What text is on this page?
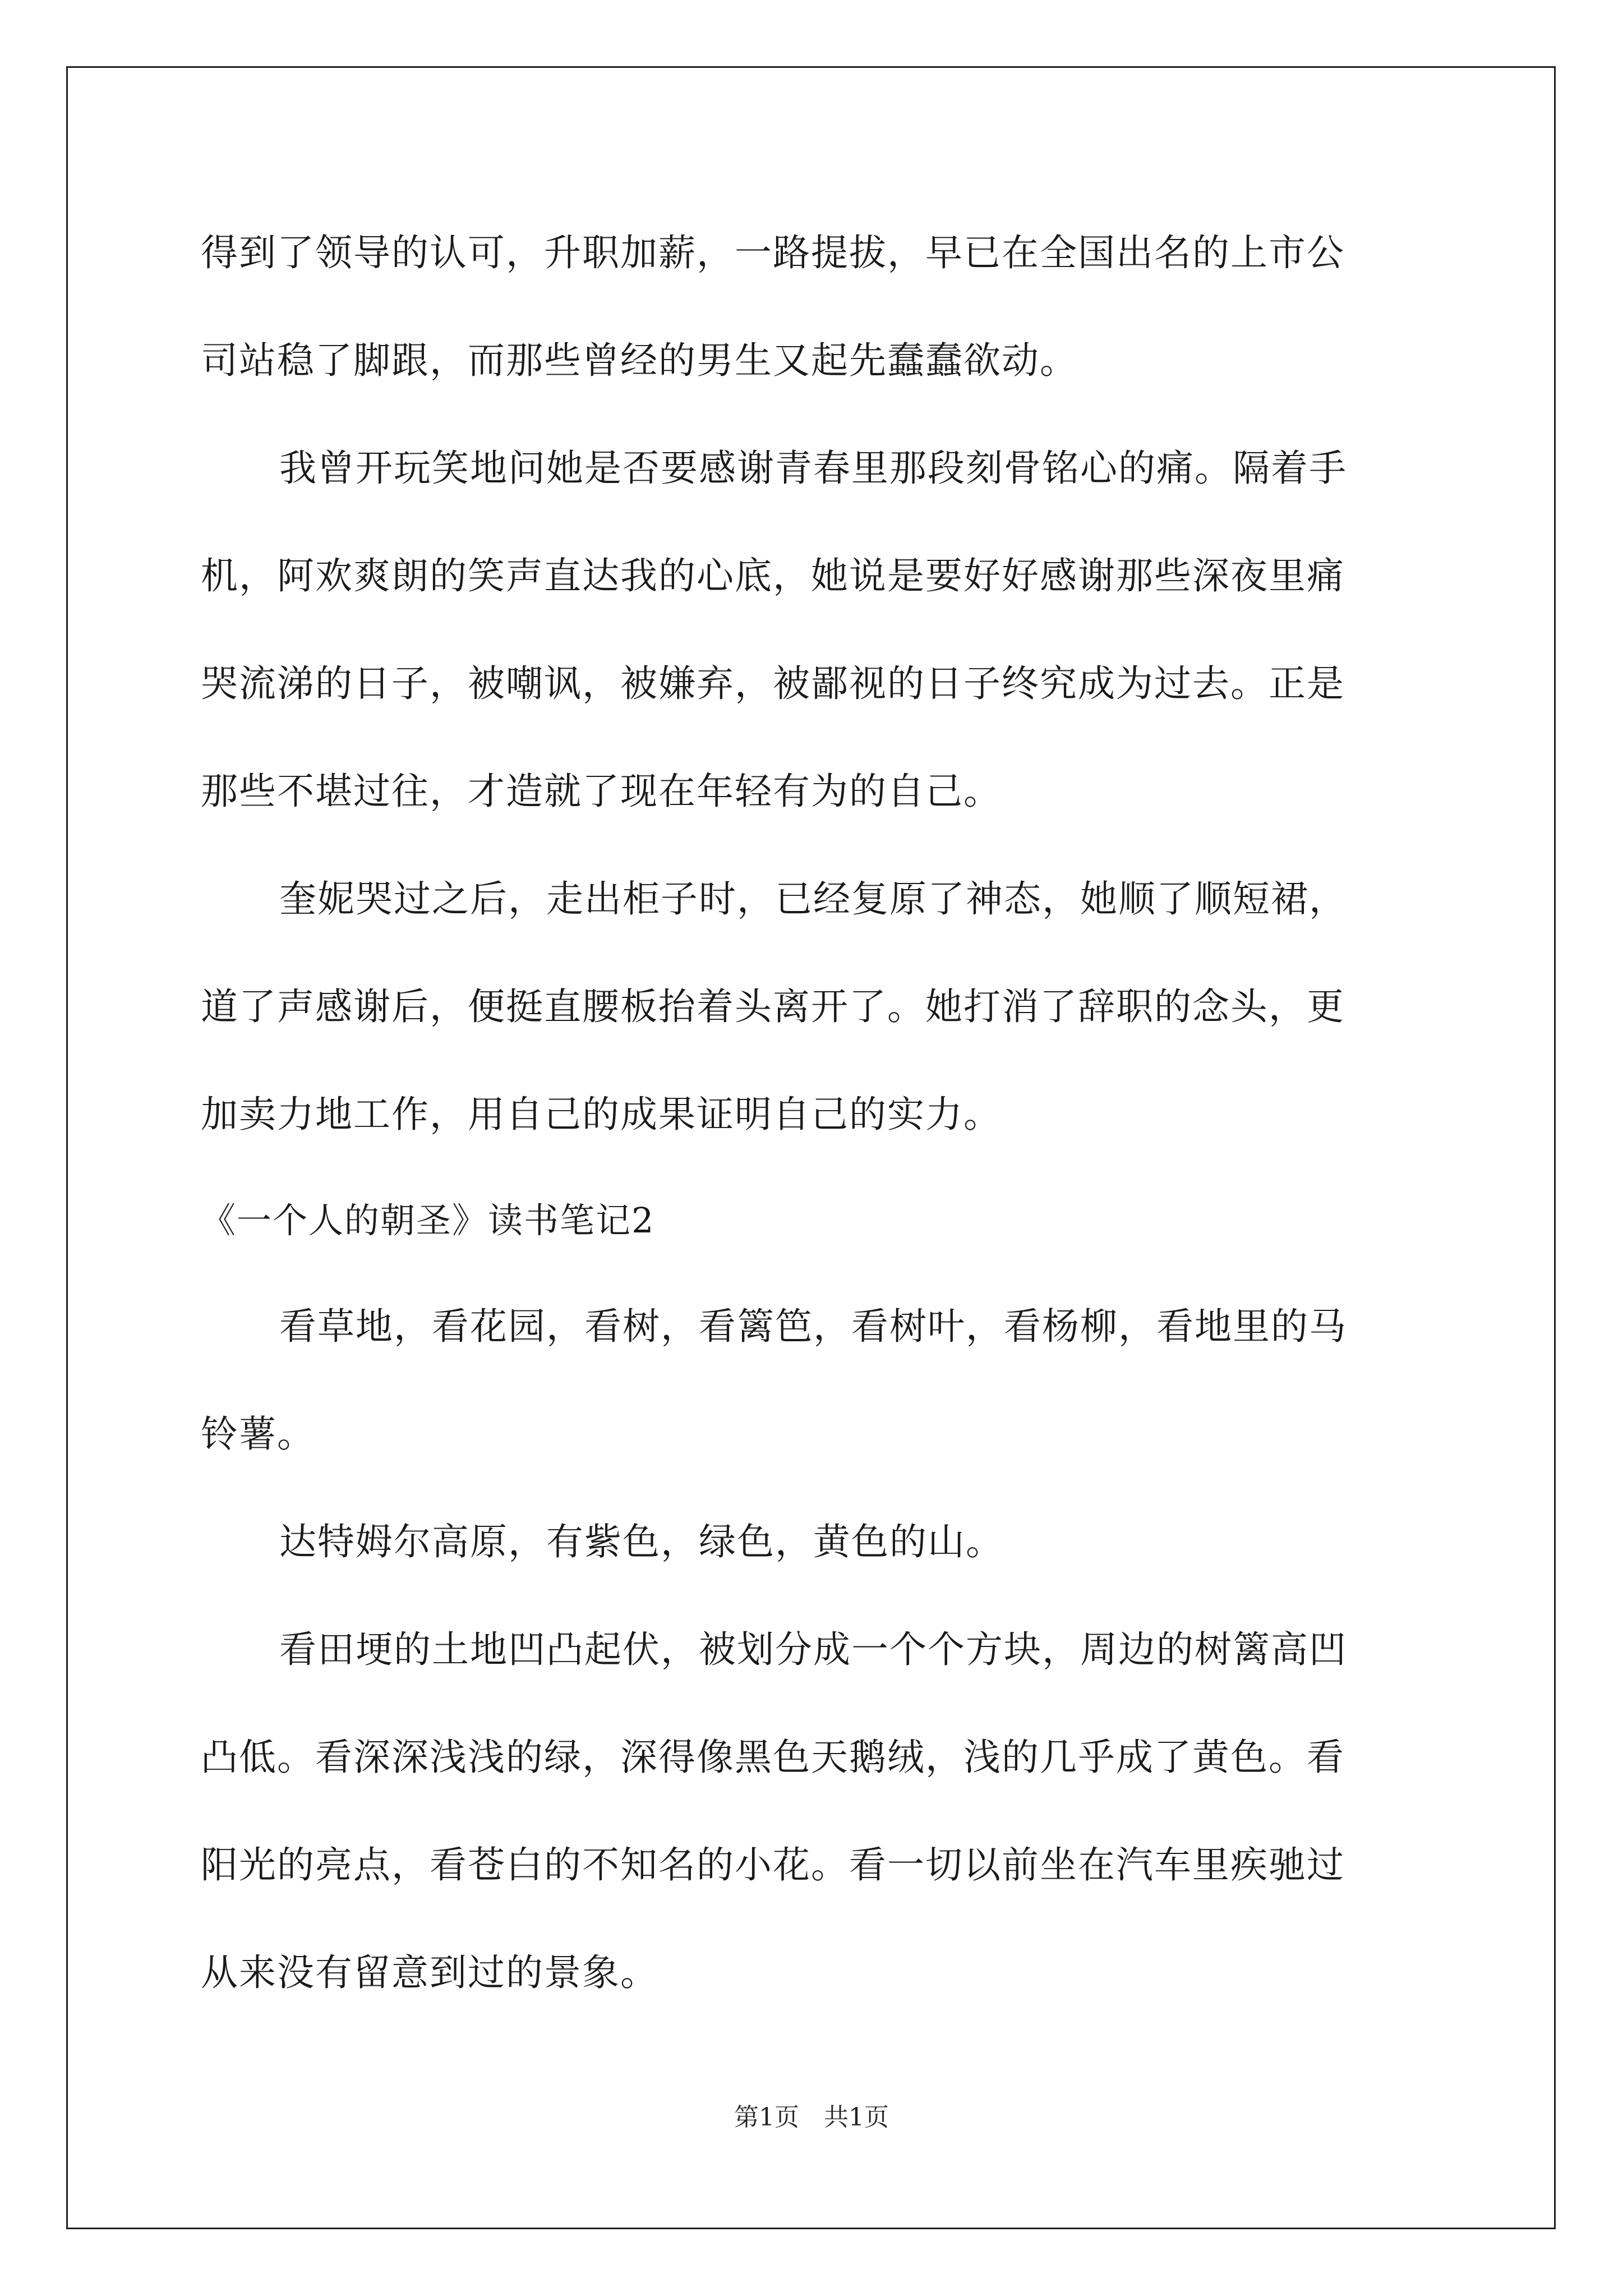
得到了领导的认可，升职加薪，一路提拔，早已在全国出名的上市公
司站稳了脚跟，而那些曾经的男生又起先蠢蠢欲动。
我曾开玩笑地问她是否要感谢青春里那段刻骨铭心的痛。隔着手
机，阿欢爽朗的笑声直达我的心底，她说是要好好感谢那些深夜里痛
哭流涕的日子，被嘲讽，被嫌弃，被鄙视的日子终究成为过去。正是
那些不堪过往，才造就了现在年轻有为的自己。
奎妮哭过之后，走出柜子时，已经复原了神态，她顺了顺短裙，
道了声感谢后，便挺直腰板抬着头离开了。她打消了辞职的念头，更
加卖力地工作，用自己的成果证明自己的实力。
《一个人的朝圣》读书笔记2
看草地，看花园，看树，看篱笆，看树叶，看杨柳，看地里的马
铃薯。
达特姆尔高原，有紫色，绿色，黄色的山。
看田埂的土地凹凸起伏，被划分成一个个方块，周边的树篱高凹
凸低。看深深浅浅的绿，深得像黑色天鹅绒，浅的几乎成了黄色。看
阳光的亮点，看苍白的不知名的小花。看一切以前坐在汽车里疾驰过
从来没有留意到过的景象。
第1页　共1页
